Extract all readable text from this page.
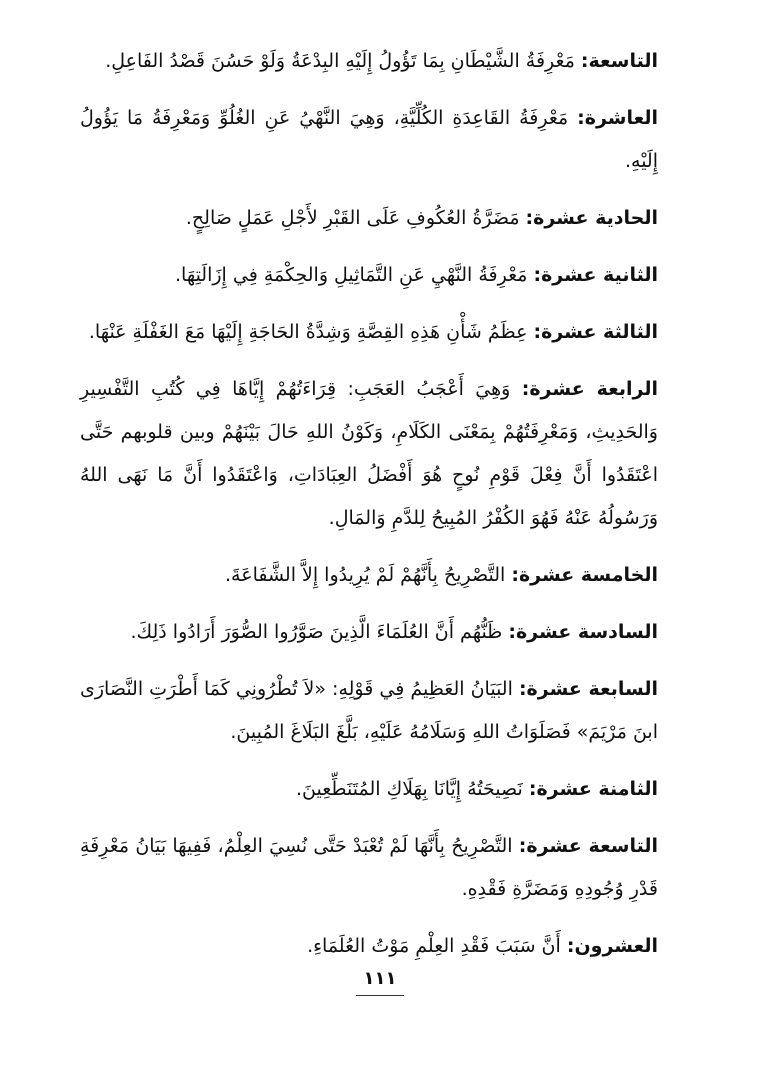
التاسعة: مَعْرِفَةُ الشَّيْطَانِ بِمَا تَؤُولُ إِلَيْهِ البِدْعَةُ وَلَوْ حَسُنَ قَصْدُ الفَاعِلِ.

العاشرة: مَعْرِفَةُ القَاعِدَةِ الكُلِّيَّةِ، وَهِيَ النَّهْيُ عَنِ الغُلُوِّ وَمَعْرِفَةُ مَا يَؤُولُ إِلَيْهِ.

الحادية عشرة: مَضَرَّةُ العُكُوفِ عَلَى القَبْرِ لأَجْلِ عَمَلٍ صَالِحٍ.

الثانية عشرة: مَعْرِفَةُ النَّهْيِ عَنِ التَّمَاثِيلِ وَالحِكْمَةِ فِي إِزَالَتِهَا.

الثالثة عشرة: عِظَمُ شَأْنِ هَذِهِ القِصَّةِ وَشِدَّةُ الحَاجَةِ إِلَيْهَا مَعَ الغَفْلَةِ عَنْهَا.

الرابعة عشرة: وَهِيَ أَعْجَبُ العَجَبِ: قِرَاءَتُهُمْ إِيَّاهَا فِي كُتُبِ التَّفْسِيرِ وَالحَدِيثِ، وَمَعْرِفَتُهُمْ بِمَعْنَى الكَلَامِ، وَكَوْنُ اللهِ حَالَ بَيْنَهُمْ وبين قلوبهم حَتَّى اعْتَقَدُوا أَنَّ فِعْلَ قَوْمِ نُوحٍ هُوَ أَفْضَلُ العِبَادَاتِ، وَاعْتَقَدُوا أَنَّ مَا نَهَى اللهُ وَرَسُولُهُ عَنْهُ فَهُوَ الكُفْرُ المُبِيحُ لِلدَّمِ وَالمَالِ.

الخامسة عشرة: التَّصْرِيحُ بِأَنَّهُمْ لَمْ يُرِيدُوا إِلاَّ الشَّفَاعَةَ.

السادسة عشرة: ظَنُّهُم أَنَّ العُلَمَاءَ الَّذِينَ صَوَّرُوا الصُّوَرَ أَرَادُوا ذَلِكَ.

السابعة عشرة: البَيَانُ العَظِيمُ فِي قَوْلِهِ: «لاَ تُطْرُونِي كَمَا أَطْرَتِ النَّصَارَى ابنَ مَرْيَمَ» فَصَلَوَاتُ اللهِ وَسَلَامُهُ عَلَيْهِ، بَلَّغَ البَلَاغَ المُبِينَ.

الثامنة عشرة: نَصِيحَتُهُ إِيَّانَا بِهَلَاكِ المُتَنَطِّعِينَ.

التاسعة عشرة: التَّصْرِيحُ بِأَنَّهَا لَمْ تُعْبَدْ حَتَّى نُسِيَ العِلْمُ، فَفِيهَا بَيَانُ مَعْرِفَةِ قَدْرِ وُجُودِهِ وَمَضَرَّةِ فَقْدِهِ.

العشرون: أَنَّ سَبَبَ فَقْدِ العِلْمِ مَوْتُ العُلَمَاءِ.

١١١
